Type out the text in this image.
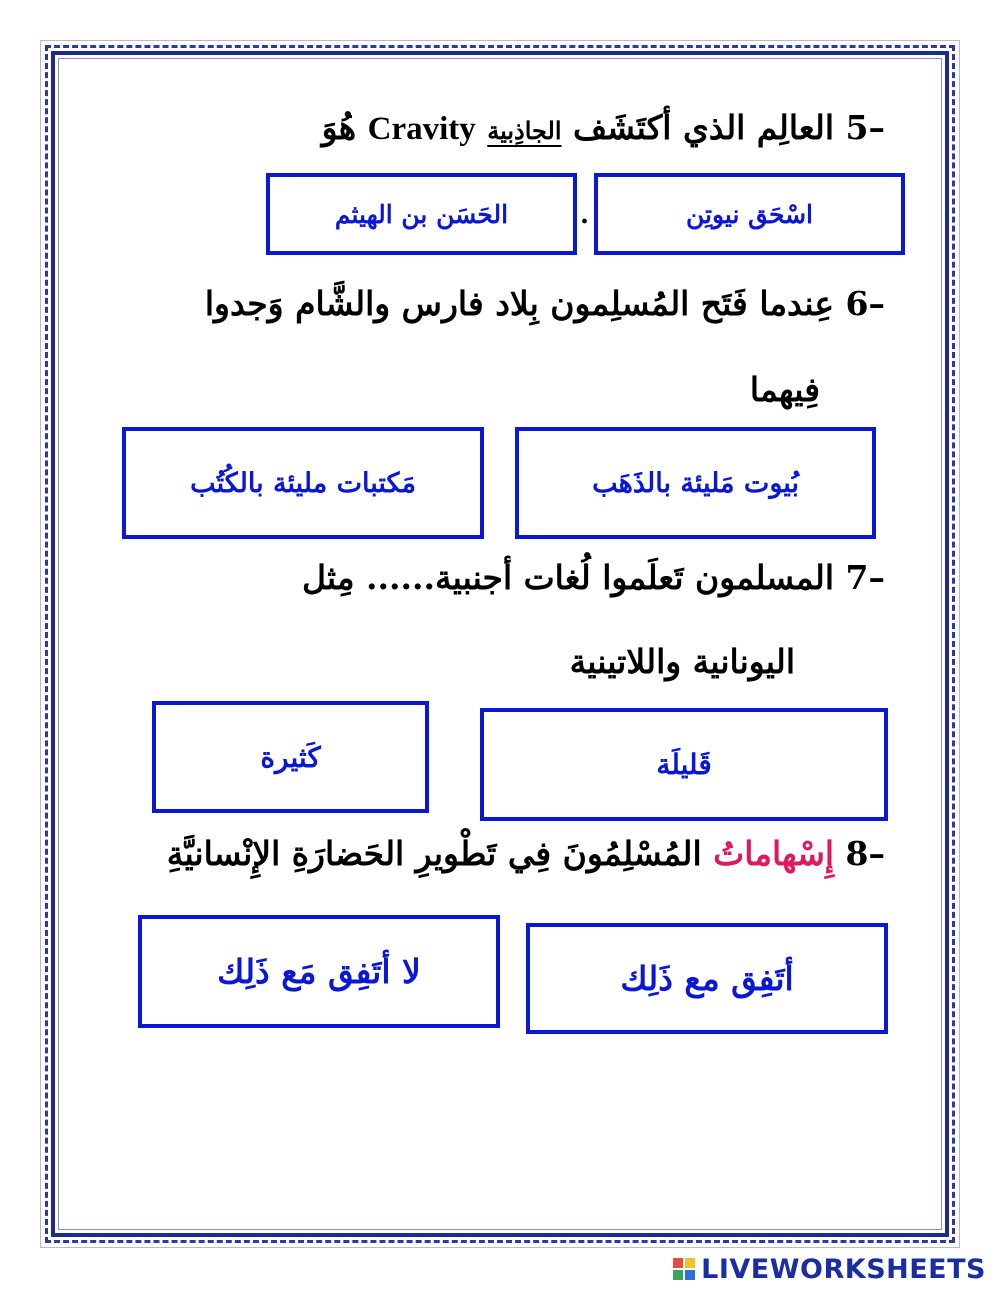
5– العالِم الذي أكتَشَف الجاذِبية Cravity هُوَ
اسْحَق نيوتِن
.
الحَسَن بن الهيثم
6– عِندما فَتَح المُسلِمون بِلاد فارس والشَّام وَجدوا
فِيهما
بُيوت مَليئة بالذَهَب
مَكتبات مليئة بالكُتُب
7– المسلمون تَعلَموا لُغات أجنبية...... مِثل
اليونانية واللاتينية
قَليلَة
كَثيرة
8– إِسْهاماتُ المُسْلِمُونَ فِي تَطْويرِ الحَضارَةِ الإِنْسانيَّةِ
أتَفِق مع ذَلِك
لا أتَفِق مَع ذَلِك
LIVEWORKSHEETS
